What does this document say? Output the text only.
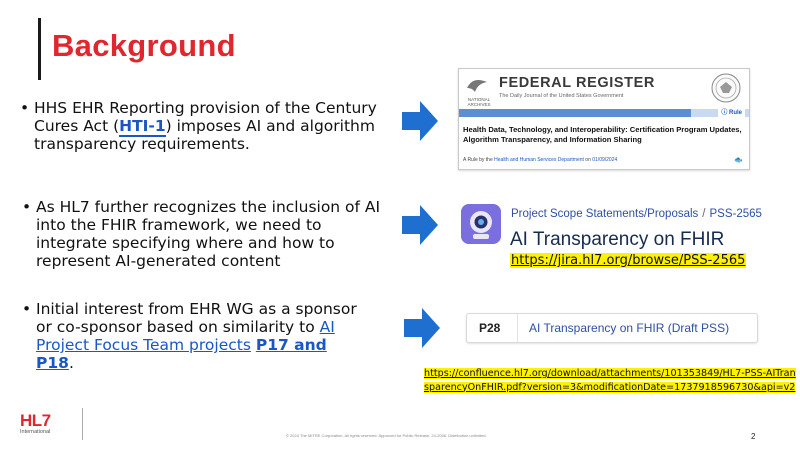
Background
• HHS EHR Reporting provision of the Century Cures Act (HTI-1) imposes AI and algorithm transparency requirements.
• As HL7 further recognizes the inclusion of AI into the FHIR framework, we need to integrate specifying where and how to represent AI-generated content
• Initial interest from EHR WG as a sponsor or co-sponsor based on similarity to AI Project Focus Team projects P17 and P18.
NATIONAL ARCHIVES
FEDERAL REGISTER
The Daily Journal of the United States Government
ⓘ Rule
Health Data, Technology, and Interoperability: Certification Program Updates, Algorithm Transparency, and Information Sharing
A Rule by the Health and Human Services Department on 01/09/2024	🐟
Project Scope Statements/Proposals / PSS-2565
AI Transparency on FHIR
https://jira.hl7.org/browse/PSS-2565
P28 AI Transparency on FHIR (Draft PSS)
https://confluence.hl7.org/download/attachments/101353849/HL7-PSS-AITransparencyOnFHIR.pdf?version=3&modificationDate=1737918596730&api=v2
HL7
International
© 2024 The MITRE Corporation. All rights reserved. Approved for Public Release. 24-2006. Distribution unlimited.	2
